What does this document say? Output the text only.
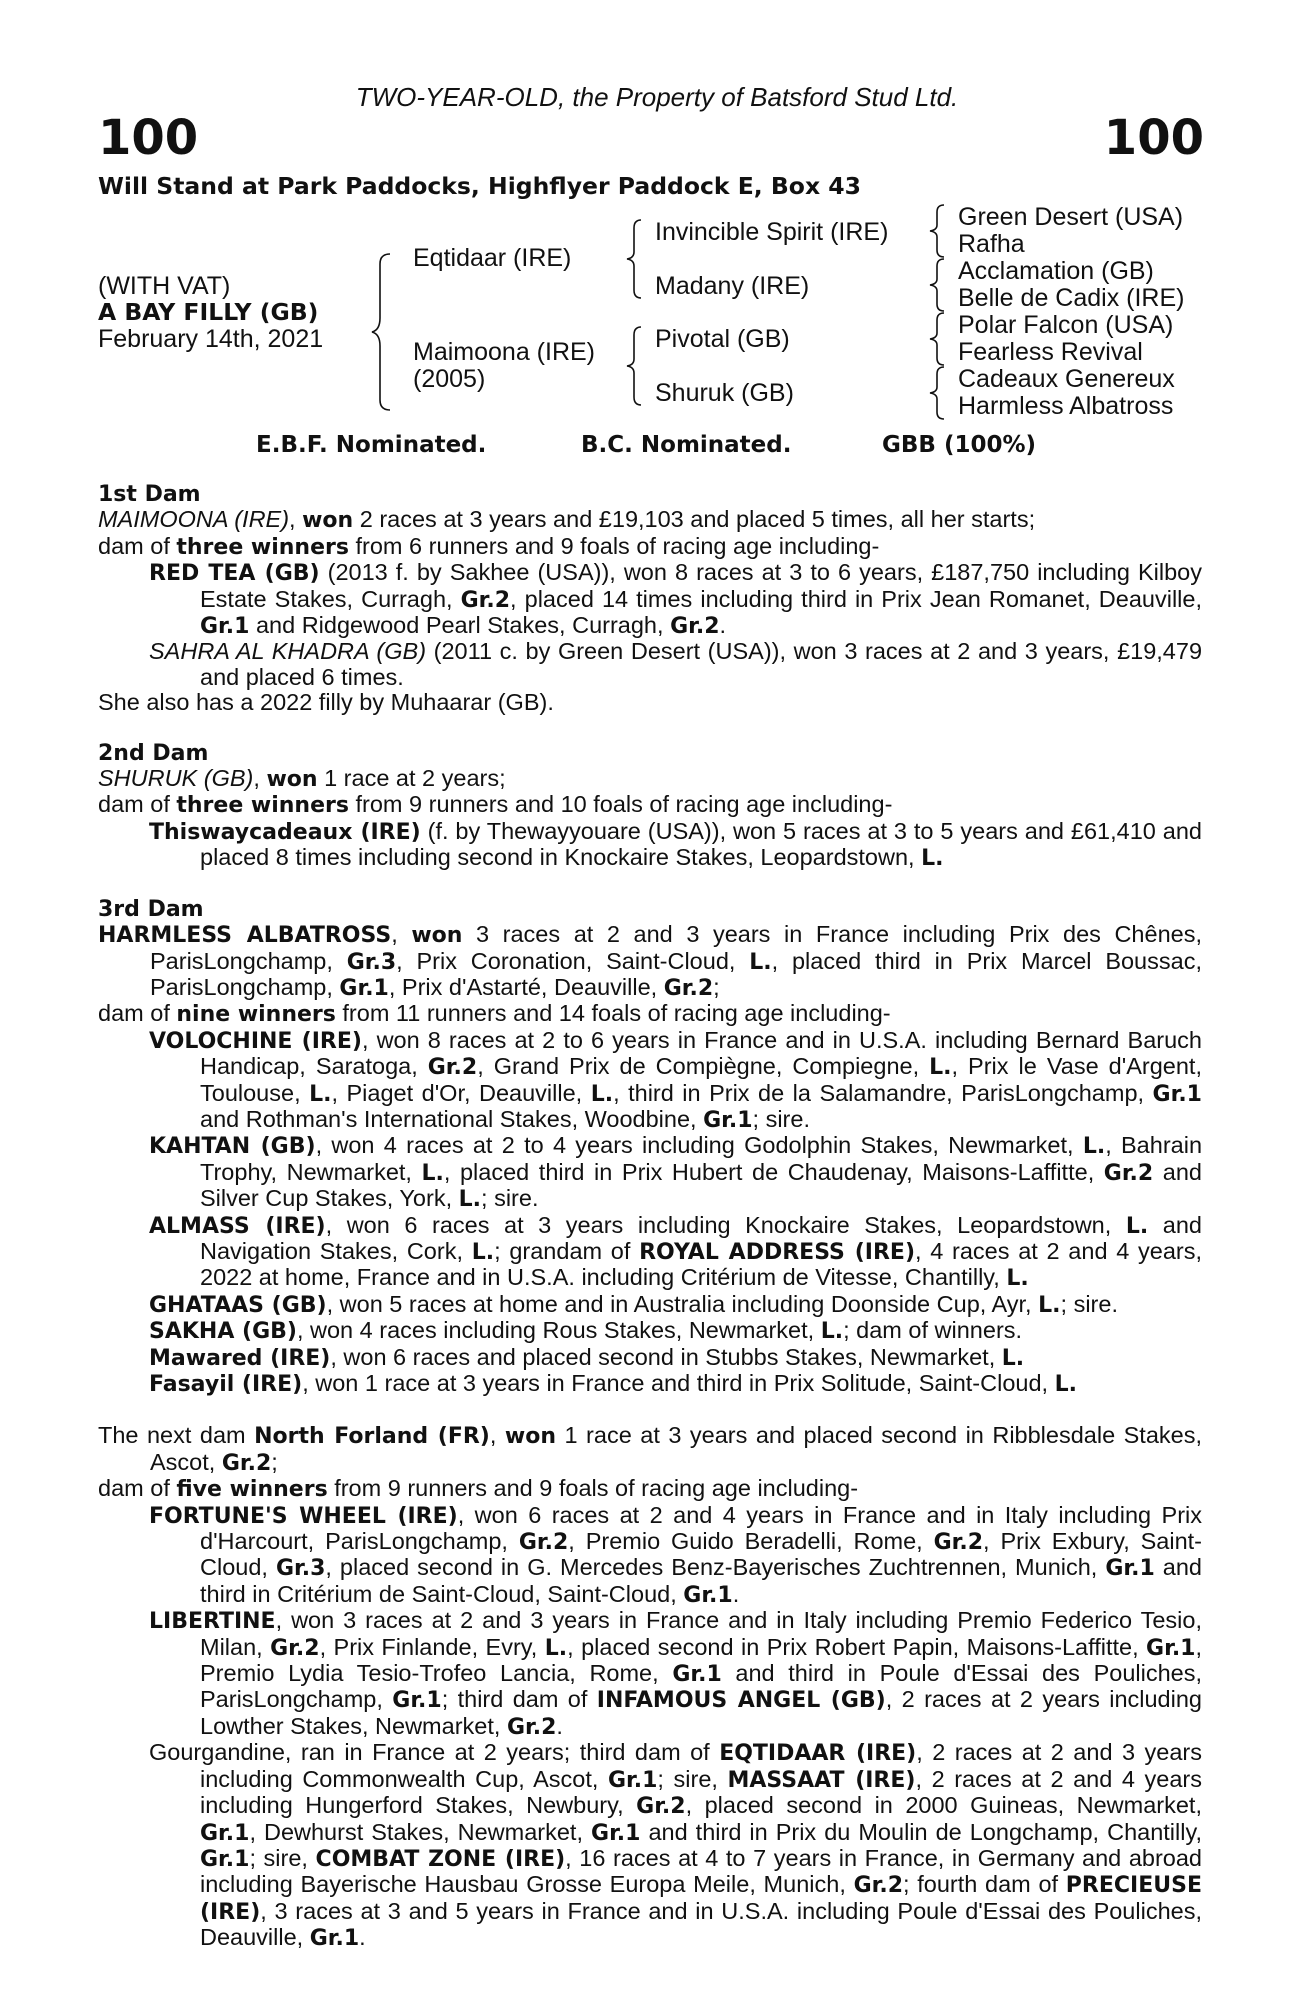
TWO-YEAR-OLD, the Property of Batsford Stud Ltd.
100	100
Will Stand at Park Paddocks, Highflyer Paddock E, Box 43
(WITH VAT)
A BAY FILLY (GB)
February 14th, 2021
Eqtidaar (IRE)
Maimoona (IRE)
(2005)
Invincible Spirit (IRE)
Madany (IRE)
Pivotal (GB)
Shuruk (GB)
Green Desert (USA)
Rafha
Acclamation (GB)
Belle de Cadix (IRE)
Polar Falcon (USA)
Fearless Revival
Cadeaux Genereux
Harmless Albatross
E.B.F. Nominated.	B.C. Nominated.	GBB (100%)
1st Dam

MAIMOONA (IRE), won 2 races at 3 years and £19,103 and placed 5 times, all her starts;

dam of three winners from 6 runners and 9 foals of racing age including-

RED TEA (GB) (2013 f. by Sakhee (USA)), won 8 races at 3 to 6 years, £187,750 including Kilboy Estate Stakes, Curragh, Gr.2, placed 14 times including third in Prix Jean Romanet, Deauville, Gr.1 and Ridgewood Pearl Stakes, Curragh, Gr.2.

SAHRA AL KHADRA (GB) (2011 c. by Green Desert (USA)), won 3 races at 2 and 3 years, £19,479 and placed 6 times.

She also has a 2022 filly by Muhaarar (GB).

2nd Dam

SHURUK (GB), won 1 race at 2 years;

dam of three winners from 9 runners and 10 foals of racing age including-

Thiswaycadeaux (IRE) (f. by Thewayyouare (USA)), won 5 races at 3 to 5 years and £61,410 and placed 8 times including second in Knockaire Stakes, Leopardstown, L.

3rd Dam

HARMLESS ALBATROSS, won 3 races at 2 and 3 years in France including Prix des Chênes, ParisLongchamp, Gr.3, Prix Coronation, Saint-Cloud, L., placed third in Prix Marcel Boussac, ParisLongchamp, Gr.1, Prix d'Astarté, Deauville, Gr.2;

dam of nine winners from 11 runners and 14 foals of racing age including-

VOLOCHINE (IRE), won 8 races at 2 to 6 years in France and in U.S.A. including Bernard Baruch Handicap, Saratoga, Gr.2, Grand Prix de Compiègne, Compiegne, L., Prix le Vase d'Argent, Toulouse, L., Piaget d'Or, Deauville, L., third in Prix de la Salamandre, ParisLongchamp, Gr.1 and Rothman's International Stakes, Woodbine, Gr.1; sire.

KAHTAN (GB), won 4 races at 2 to 4 years including Godolphin Stakes, Newmarket, L., Bahrain Trophy, Newmarket, L., placed third in Prix Hubert de Chaudenay, Maisons-Laffitte, Gr.2 and Silver Cup Stakes, York, L.; sire.

ALMASS (IRE), won 6 races at 3 years including Knockaire Stakes, Leopardstown, L. and Navigation Stakes, Cork, L.; grandam of ROYAL ADDRESS (IRE), 4 races at 2 and 4 years, 2022 at home, France and in U.S.A. including Critérium de Vitesse, Chantilly, L.

GHATAAS (GB), won 5 races at home and in Australia including Doonside Cup, Ayr, L.; sire.

SAKHA (GB), won 4 races including Rous Stakes, Newmarket, L.; dam of winners.

Mawared (IRE), won 6 races and placed second in Stubbs Stakes, Newmarket, L.

Fasayil (IRE), won 1 race at 3 years in France and third in Prix Solitude, Saint-Cloud, L.

The next dam North Forland (FR), won 1 race at 3 years and placed second in Ribblesdale Stakes, Ascot, Gr.2;

dam of five winners from 9 runners and 9 foals of racing age including-

FORTUNE'S WHEEL (IRE), won 6 races at 2 and 4 years in France and in Italy including Prix d'Harcourt, ParisLongchamp, Gr.2, Premio Guido Beradelli, Rome, Gr.2, Prix Exbury, Saint-Cloud, Gr.3, placed second in G. Mercedes Benz-Bayerisches Zuchtrennen, Munich, Gr.1 and third in Critérium de Saint-Cloud, Saint-Cloud, Gr.1.

LIBERTINE, won 3 races at 2 and 3 years in France and in Italy including Premio Federico Tesio, Milan, Gr.2, Prix Finlande, Evry, L., placed second in Prix Robert Papin, Maisons-Laffitte, Gr.1, Premio Lydia Tesio-Trofeo Lancia, Rome, Gr.1 and third in Poule d'Essai des Pouliches, ParisLongchamp, Gr.1; third dam of INFAMOUS ANGEL (GB), 2 races at 2 years including Lowther Stakes, Newmarket, Gr.2.

Gourgandine, ran in France at 2 years; third dam of EQTIDAAR (IRE), 2 races at 2 and 3 years including Commonwealth Cup, Ascot, Gr.1; sire, MASSAAT (IRE), 2 races at 2 and 4 years including Hungerford Stakes, Newbury, Gr.2, placed second in 2000 Guineas, Newmarket, Gr.1, Dewhurst Stakes, Newmarket, Gr.1 and third in Prix du Moulin de Longchamp, Chantilly, Gr.1; sire, COMBAT ZONE (IRE), 16 races at 4 to 7 years in France, in Germany and abroad including Bayerische Hausbau Grosse Europa Meile, Munich, Gr.2; fourth dam of PRECIEUSE (IRE), 3 races at 3 and 5 years in France and in U.S.A. including Poule d'Essai des Pouliches, Deauville, Gr.1.
